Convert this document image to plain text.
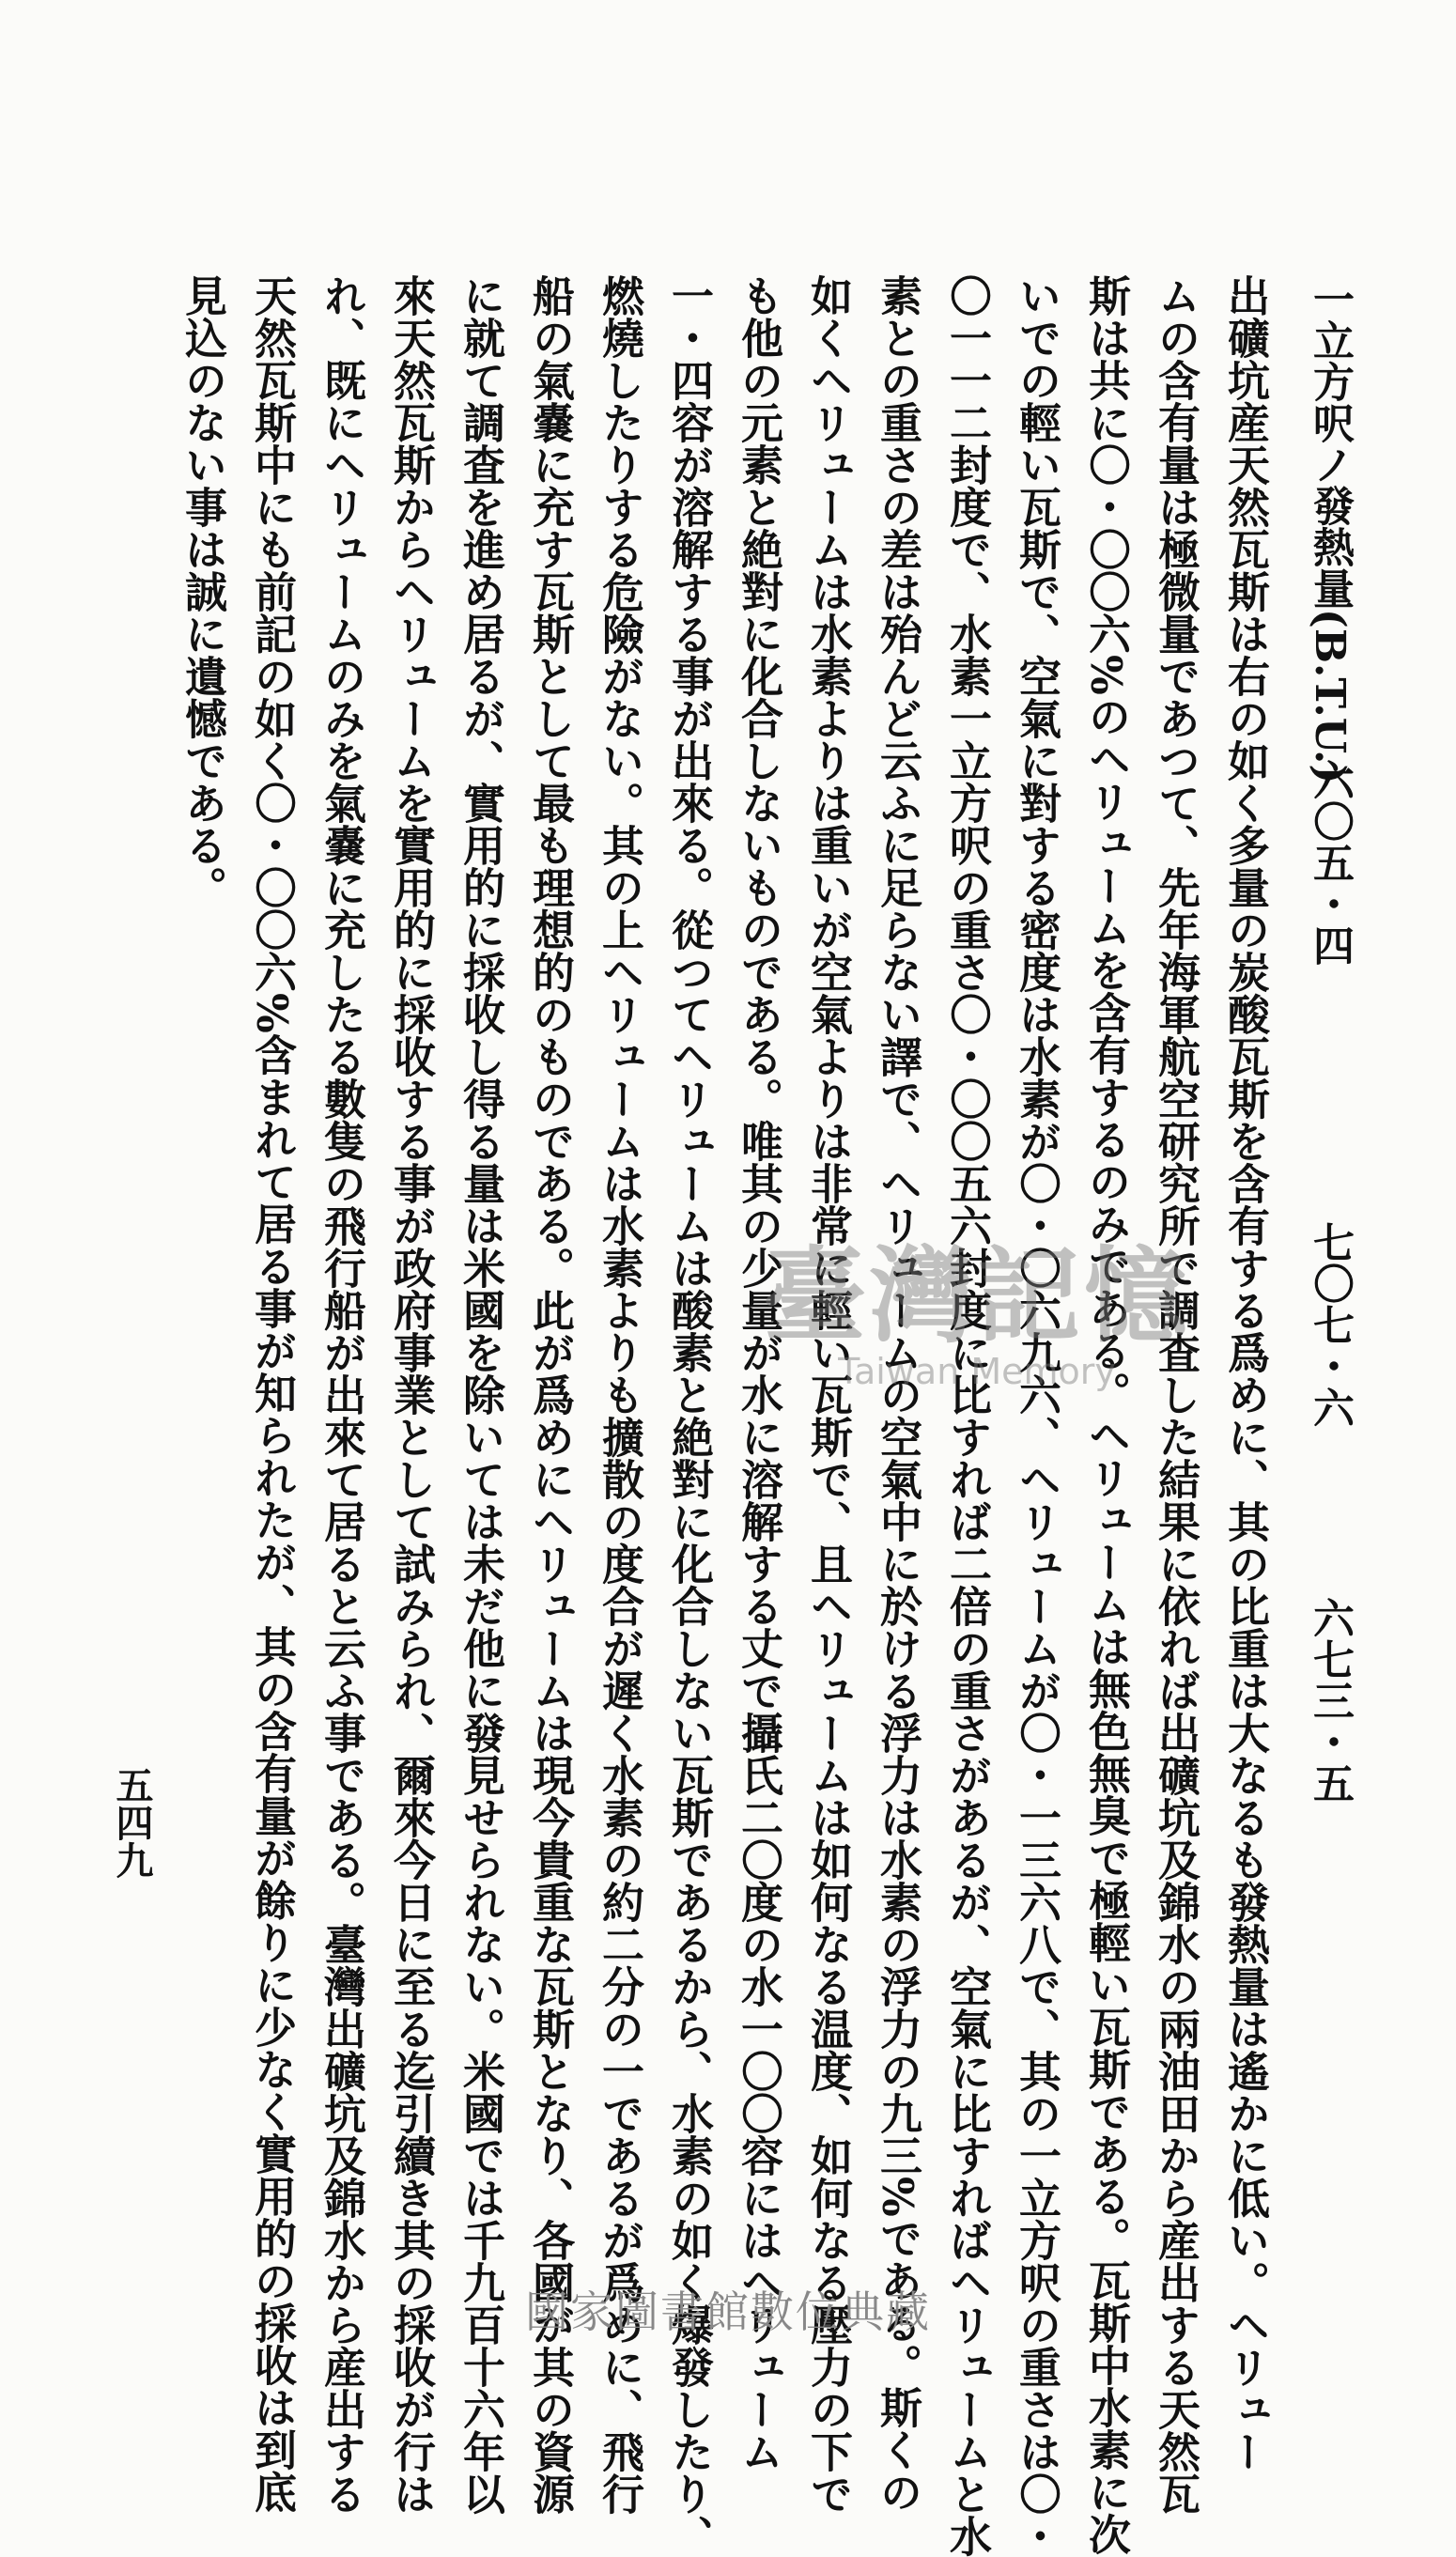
一立方呎ノ發熱量(B.T.U.)
六〇五・四
七〇七・六
六七三・五
出礦坑産天然瓦斯は右の如く多量の炭酸瓦斯を含有する爲めに、其の比重は大なるも發熱量は遙かに低い。ヘリュー
ムの含有量は極微量であつて、先年海軍航空研究所で調査した結果に依れば出礦坑及錦水の兩油田から産出する天然瓦
斯は共に〇・〇〇六%のヘリュームを含有するのみである。ヘリュームは無色無臭で極輕い瓦斯である。瓦斯中水素に次
いでの輕い瓦斯で、空氣に對する密度は水素が〇・〇六九六、ヘリュームが〇・一三六八で、其の一立方呎の重さは〇・
〇一一二封度で、水素一立方呎の重さ〇・〇〇五六封度に比すれば二倍の重さがあるが、空氣に比すればヘリュームと水
素との重さの差は殆んど云ふに足らない譯で、ヘリュームの空氣中に於ける浮力は水素の浮力の九三%である。斯くの
如くヘリュームは水素よりは重いが空氣よりは非常に輕い瓦斯で、且ヘリュームは如何なる温度、如何なる壓力の下で
も他の元素と絶對に化合しないものである。唯其の少量が水に溶解する丈で攝氏二〇度の水一〇〇容にはヘリューム
一・四容が溶解する事が出來る。從つてヘリュームは酸素と絶對に化合しない瓦斯であるから、水素の如く爆發したり、
燃燒したりする危險がない。其の上ヘリュームは水素よりも擴散の度合が遲く水素の約二分の一であるが爲めに、飛行
船の氣嚢に充す瓦斯として最も理想的のものである。此が爲めにヘリュームは現今貴重な瓦斯となり、各國が其の資源
に就て調査を進め居るが、實用的に採收し得る量は米國を除いては未だ他に發見せられない。米國では千九百十六年以
來天然瓦斯からヘリュームを實用的に採收する事が政府事業として試みられ、爾來今日に至る迄引續き其の採收が行は
れ、既にヘリュームのみを氣嚢に充したる數隻の飛行船が出來て居ると云ふ事である。臺灣出礦坑及錦水から産出する
天然瓦斯中にも前記の如く〇・〇〇六%含まれて居る事が知られたが、其の含有量が餘りに少なく實用的の採收は到底
見込のない事は誠に遺憾である。
臺灣記憶
Taiwan Memory
五四九
國家圖書館數位典藏
